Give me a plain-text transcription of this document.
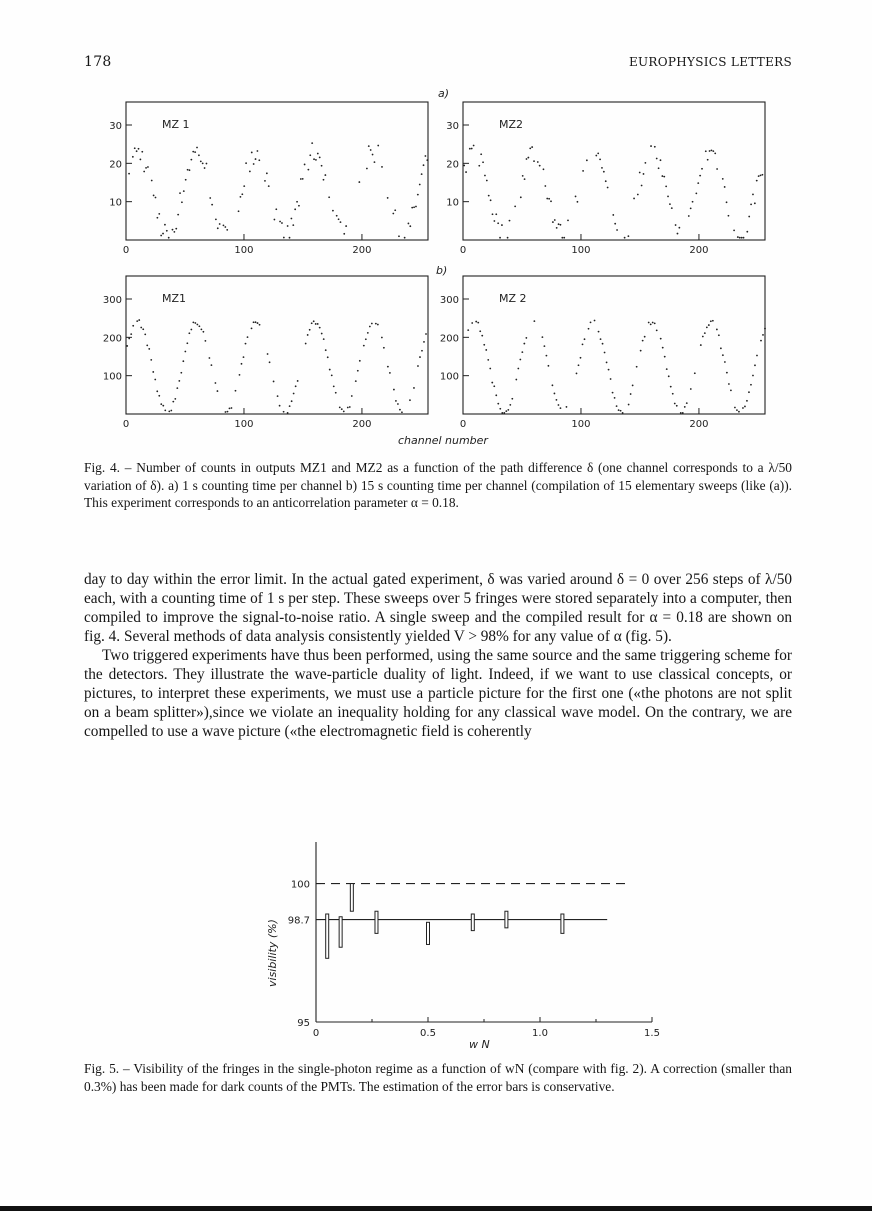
178	EUROPHYSICS LETTERS
a)
b)
channel number
MZ 1
0	100	200
10
20
30	MZ2
0	100	200
10
20
30
MZ1
0	100	200
100
200
300	MZ 2
0	100	200
100
200
300
Fig. 4. – Number of counts in outputs MZ1 and MZ2 as a function of the path difference δ (one channel corresponds to a λ/50 variation of δ). a) 1 s counting time per channel b) 15 s counting time per channel (compilation of 15 elementary sweeps (like (a)). This experiment corresponds to an anticorrelation parameter α = 0.18.

day to day within the error limit. In the actual gated experiment, δ was varied around δ = 0 over 256 steps of λ/50 each, with a counting time of 1 s per step. These sweeps over 5 fringes were stored separately into a computer, then compiled to improve the signal-to-noise ratio. A single sweep and the compiled result for α = 0.18 are shown on fig. 4. Several methods of data analysis consistently yielded V > 98% for any value of α (fig. 5).

Two triggered experiments have thus been performed, using the same source and the same triggering scheme for the detectors. They illustrate the wave-particle duality of light. Indeed, if we want to use classical concepts, or pictures, to interpret these experiments, we must use a particle picture for the first one («the photons are not split on a beam splitter»),since we violate an inequality holding for any classical wave model. On the contrary, we are compelled to use a wave picture («the electromagnetic field is coherently

0	0.5	1.0	1.5
95
98.7
100
visibility (%)
w N
Fig. 5. – Visibility of the fringes in the single-photon regime as a function of wN (compare with fig. 2). A correction (smaller than 0.3%) has been made for dark counts of the PMTs. The estimation of the error bars is conservative.
